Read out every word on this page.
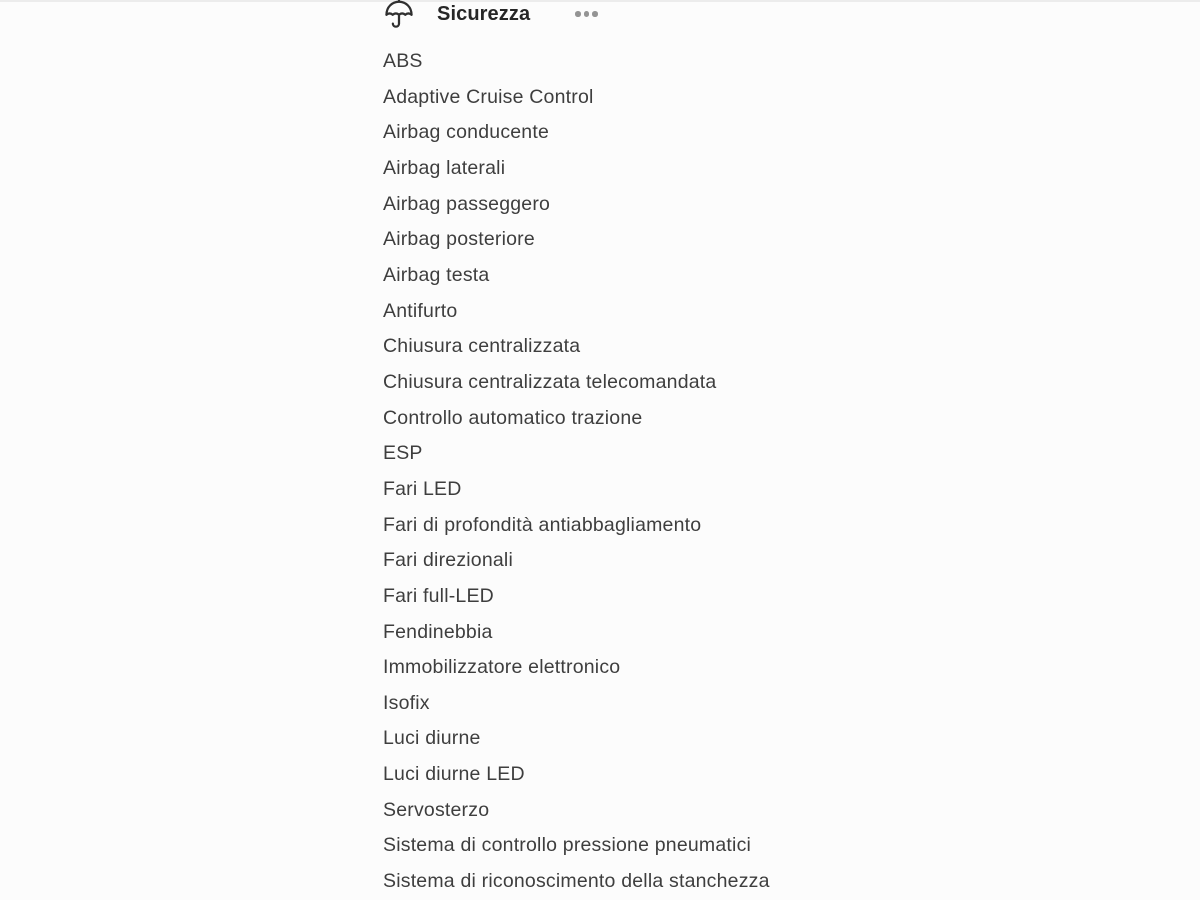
Sicurezza
ABS
Adaptive Cruise Control
Airbag conducente
Airbag laterali
Airbag passeggero
Airbag posteriore
Airbag testa
Antifurto
Chiusura centralizzata
Chiusura centralizzata telecomandata
Controllo automatico trazione
ESP
Fari LED
Fari di profondità antiabbagliamento
Fari direzionali
Fari full-LED
Fendinebbia
Immobilizzatore elettronico
Isofix
Luci diurne
Luci diurne LED
Servosterzo
Sistema di controllo pressione pneumatici
Sistema di riconoscimento della stanchezza
